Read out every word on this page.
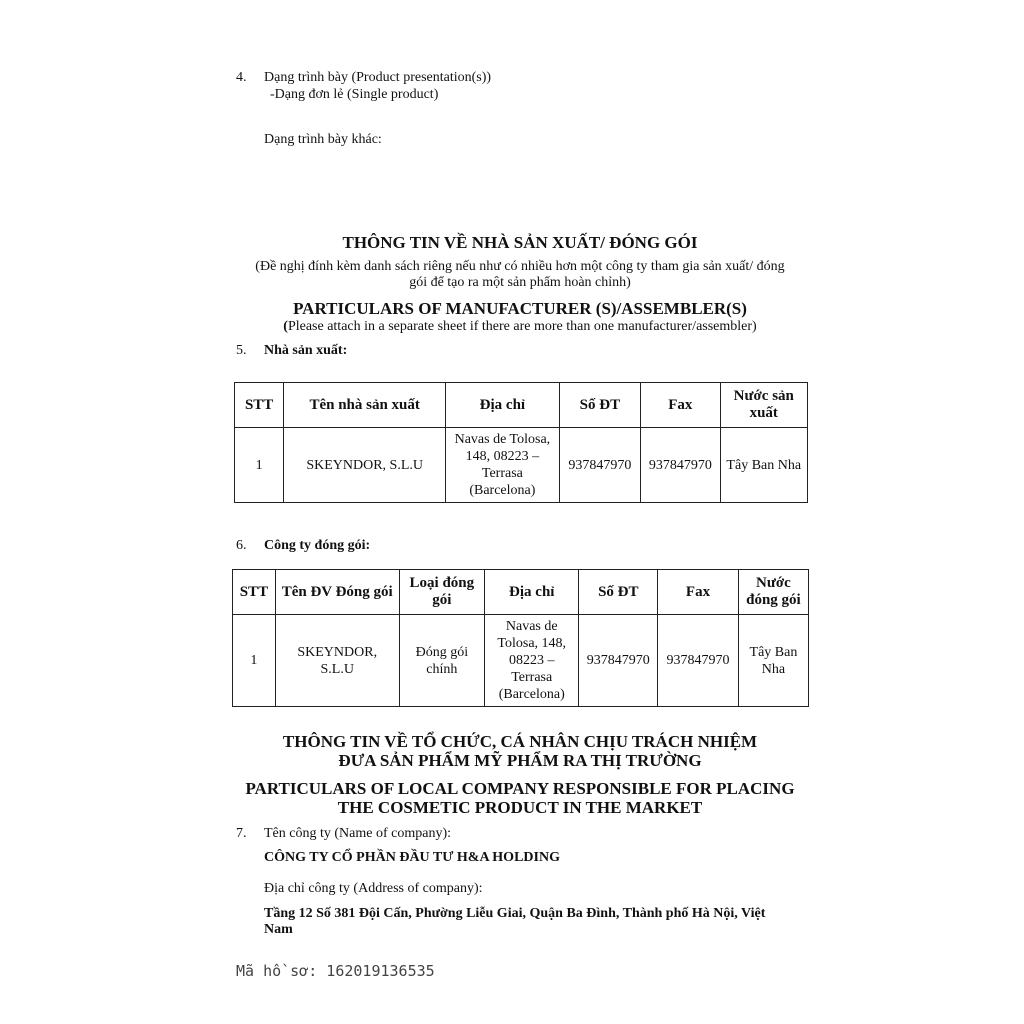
4. Dạng trình bày (Product presentation(s))
-Dạng đơn lẻ (Single product)
Dạng trình bày khác:
THÔNG TIN VỀ NHÀ SẢN XUẤT/ ĐÓNG GÓI
(Đề nghị đính kèm danh sách riêng nếu như có nhiều hơn một công ty tham gia sản xuất/ đóng
gói để tạo ra một sản phẩm hoàn chỉnh)
PARTICULARS OF MANUFACTURER (S)/ASSEMBLER(S)
(Please attach in a separate sheet if there are more than one manufacturer/assembler)
5. Nhà sản xuất:
STT	Tên nhà sản xuất	Địa chỉ	Số ĐT	Fax	Nước sản xuất
1	SKEYNDOR, S.L.U	Navas de Tolosa, 148, 08223 – Terrasa (Barcelona)	937847970	937847970	Tây Ban Nha
6. Công ty đóng gói:
STT	Tên ĐV Đóng gói	Loại đóng gói	Địa chỉ	Số ĐT	Fax	Nước đóng gói
1	SKEYNDOR, S.L.U	Đóng gói chính	Navas de Tolosa, 148, 08223 – Terrasa (Barcelona)	937847970	937847970	Tây Ban Nha
THÔNG TIN VỀ TỔ CHỨC, CÁ NHÂN CHỊU TRÁCH NHIỆM
ĐƯA SẢN PHẨM MỸ PHẨM RA THỊ TRƯỜNG
PARTICULARS OF LOCAL COMPANY RESPONSIBLE FOR PLACING
THE COSMETIC PRODUCT IN THE MARKET
7. Tên công ty (Name of company):
CÔNG TY CỔ PHẦN ĐẦU TƯ H&A HOLDING
Địa chỉ công ty (Address of company):
Tầng 12 Số 381 Đội Cấn, Phường Liễu Giai, Quận Ba Đình, Thành phố Hà Nội, Việt
Nam
Mã hồ sơ: 162019136535
